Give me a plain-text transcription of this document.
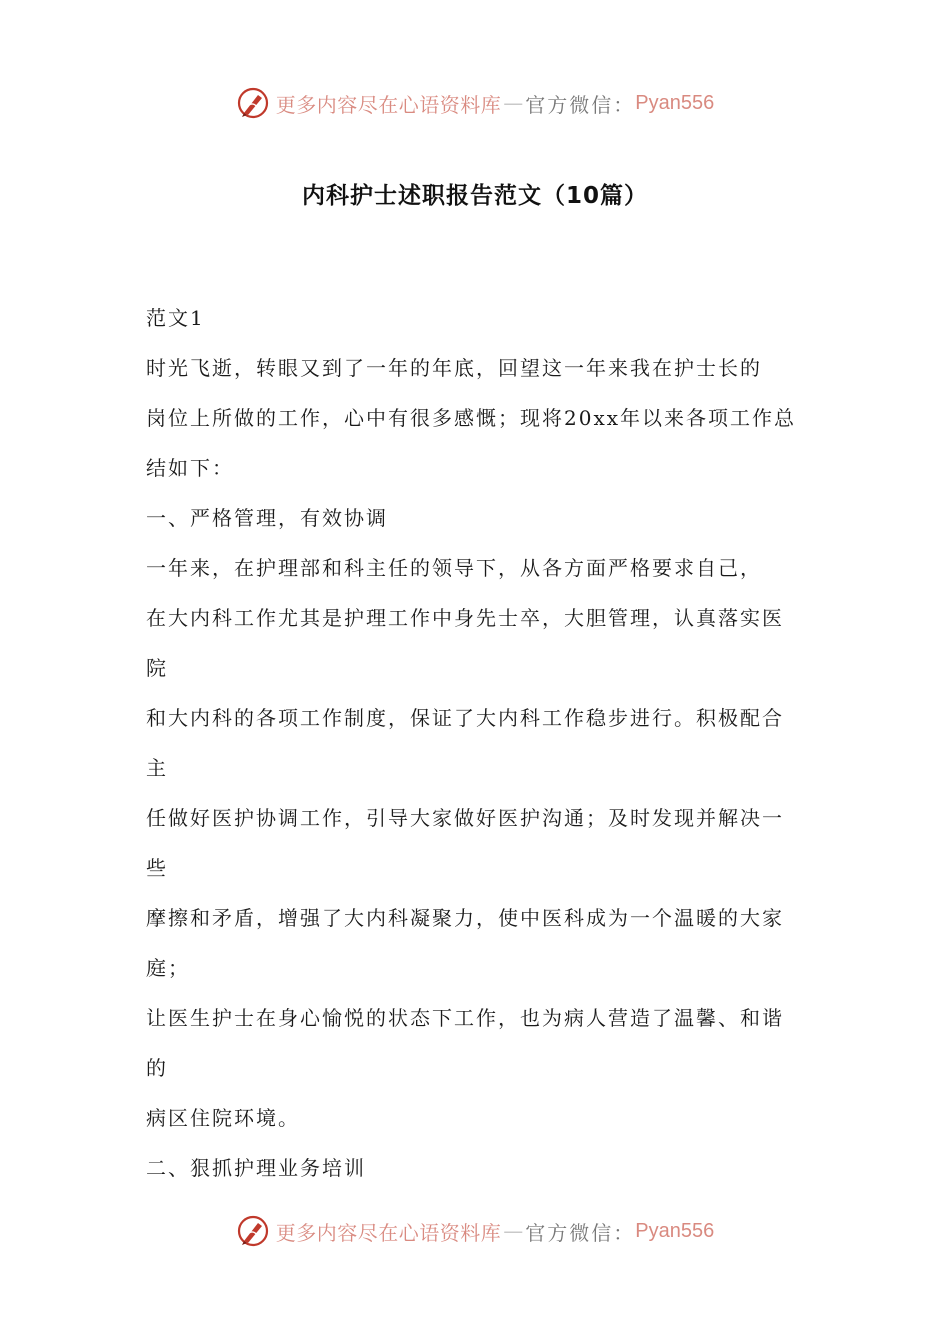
更多内容尽在心语资料库 — 官方微信： Pyan556
内科护士述职报告范文（10篇）

范文1

时光飞逝，转眼又到了一年的年底，回望这一年来我在护士长的

岗位上所做的工作，心中有很多感慨；现将20xx年以来各项工作总

结如下：

一、严格管理，有效协调

一年来，在护理部和科主任的领导下，从各方面严格要求自己，

在大内科工作尤其是护理工作中身先士卒，大胆管理，认真落实医

院

和大内科的各项工作制度，保证了大内科工作稳步进行。积极配合

主

任做好医护协调工作，引导大家做好医护沟通；及时发现并解决一

些

摩擦和矛盾，增强了大内科凝聚力，使中医科成为一个温暖的大家

庭；

让医生护士在身心愉悦的状态下工作，也为病人营造了温馨、和谐

的

病区住院环境。

二、狠抓护理业务培训

更多内容尽在心语资料库 — 官方微信： Pyan556
